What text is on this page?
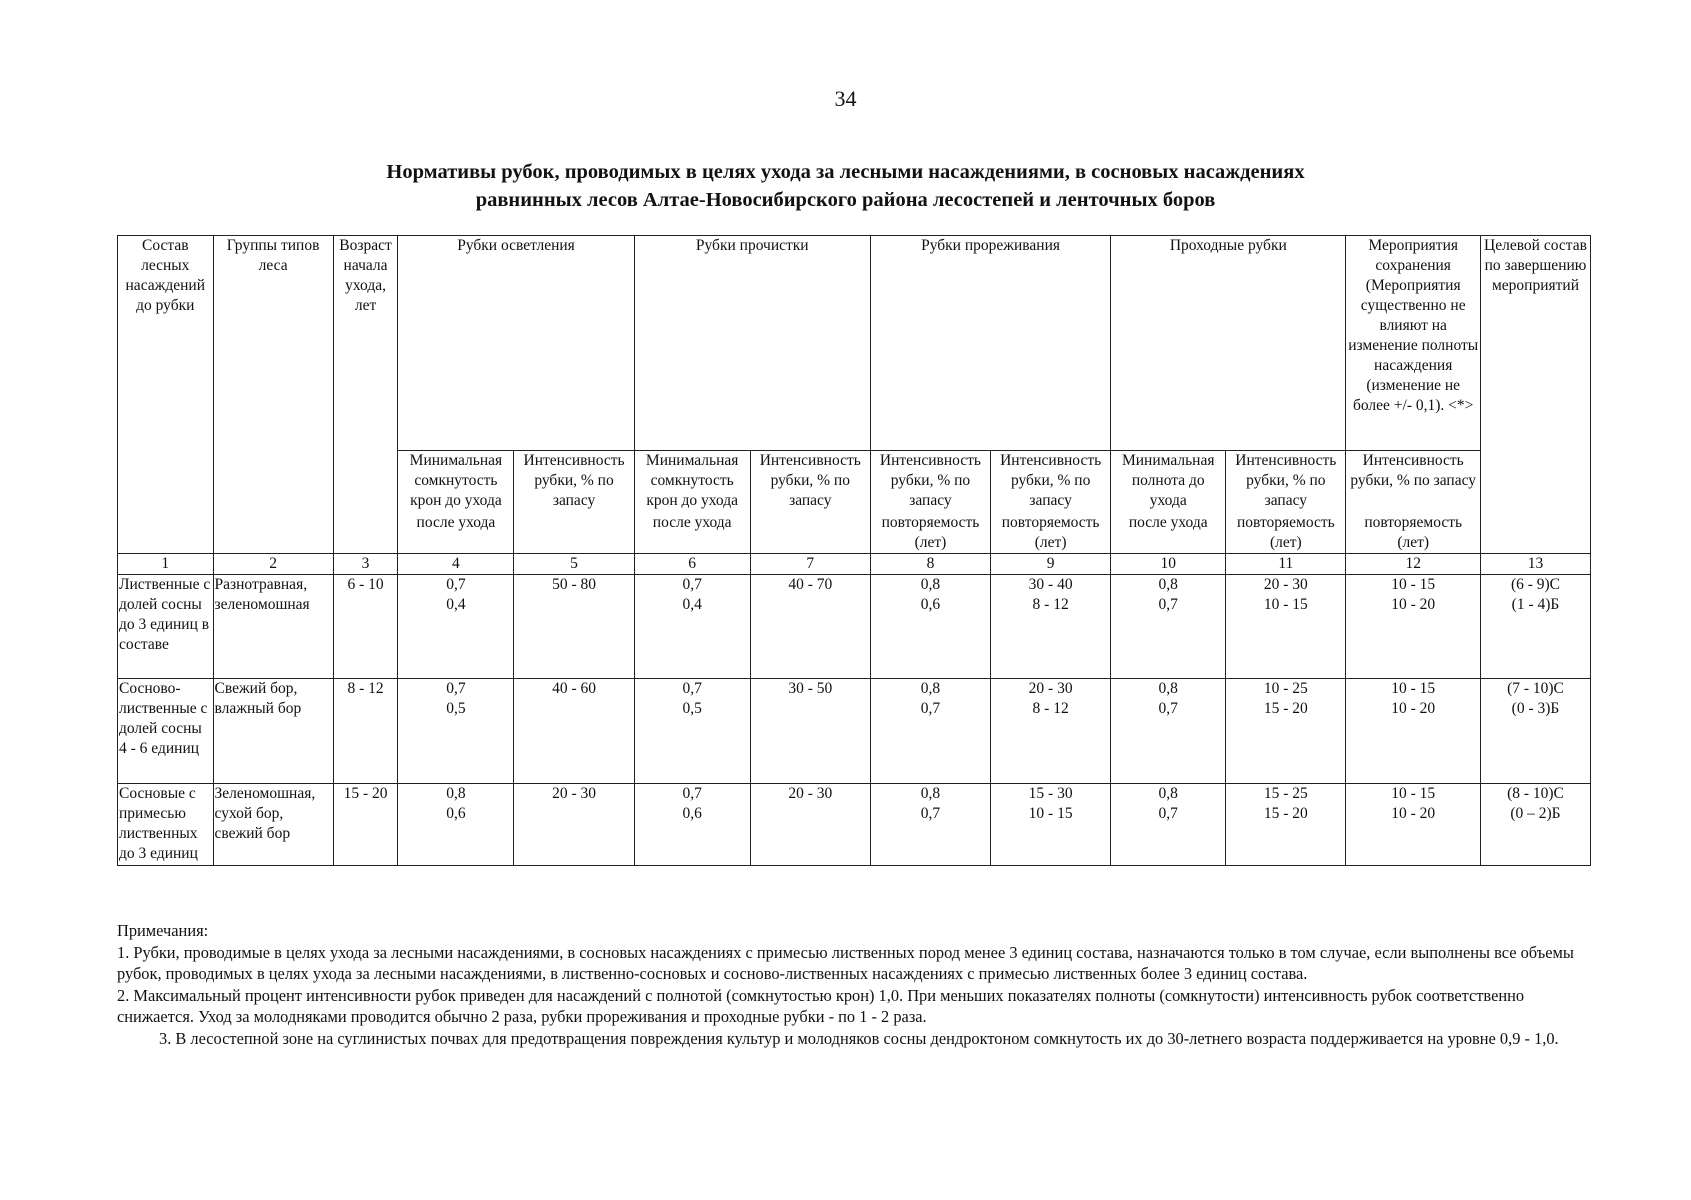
34
Нормативы рубок, проводимых в целях ухода за лесными насаждениями, в сосновых насаждениях
равнинных лесов Алтае-Новосибирского района лесостепей и ленточных боров
Состав лесных насаждений до рубки	Группы типов леса	Возраст начала ухода, лет	Рубки осветления		Рубки прочистки		Рубки прореживания		Проходные рубки		Мероприятия сохранения (Мероприятия существенно не влияют на изменение полноты насаждения (изменение не более +/- 0,1). <*>	Целевой состав по завершению мероприятий
			Минимальная сомкнутость крон до ухода	Интенсивность рубки, % по запасу	Минимальная сомкнутость крон до ухода	Интенсивность рубки, % по запасу	Интенсивность рубки, % по запасу	Интенсивность рубки, % по запасу	Минимальная полнота до ухода	Интенсивность рубки, % по запасу	Интенсивность рубки, % по запасу	
			после ухода		после ухода		повторяемость (лет)	повторяемость (лет)	после ухода	повторяемость (лет)	повторяемость (лет)	
1	2	3	4	5	6	7	8	9	10	11	12	13
Лиственные с долей сосны до 3 единиц в составе	Разнотравная, зеленомошная	6 - 10	0,7	50 - 80	0,7	40 - 70	0,8	30 - 40	0,8	20 - 30	10 - 15	(6 - 9)С
			0,4		0,4		0,6	8 - 12	0,7	10 - 15	10 - 20	(1 - 4)Б
Сосново-лиственные с долей сосны 4 - 6 единиц	Свежий бор, влажный бор	8 - 12	0,7	40 - 60	0,7	30 - 50	0,8	20 - 30	0,8	10 - 25	10 - 15	(7 - 10)С
			0,5		0,5		0,7	8 - 12	0,7	15 - 20	10 - 20	(0 - 3)Б
Сосновые с примесью лиственных до 3 единиц	Зеленомошная, сухой бор, свежий бор	15 - 20	0,8	20 - 30	0,7	20 - 30	0,8	15 - 30	0,8	15 - 25	10 - 15	(8 - 10)С
			0,6		0,6		0,7	10 - 15	0,7	15 - 20	10 - 20	(0 – 2)Б

Примечания:

1. Рубки, проводимые в целях ухода за лесными насаждениями, в сосновых насаждениях с примесью лиственных пород менее 3 единиц состава, назначаются только в том случае, если выполнены все объемы рубок, проводимых в целях ухода за лесными насаждениями, в лиственно-сосновых и сосново-лиственных насаждениях с примесью лиственных более 3 единиц состава.

2. Максимальный процент интенсивности рубок приведен для насаждений с полнотой (сомкнутостью крон) 1,0. При меньших показателях полноты (сомкнутости) интенсивность рубок соответственно снижается. Уход за молодняками проводится обычно 2 раза, рубки прореживания и проходные рубки - по 1 - 2 раза.

3. В лесостепной зоне на суглинистых почвах для предотвращения повреждения культур и молодняков сосны дендроктоном сомкнутость их до 30-летнего возраста поддерживается на уровне 0,9 - 1,0.
